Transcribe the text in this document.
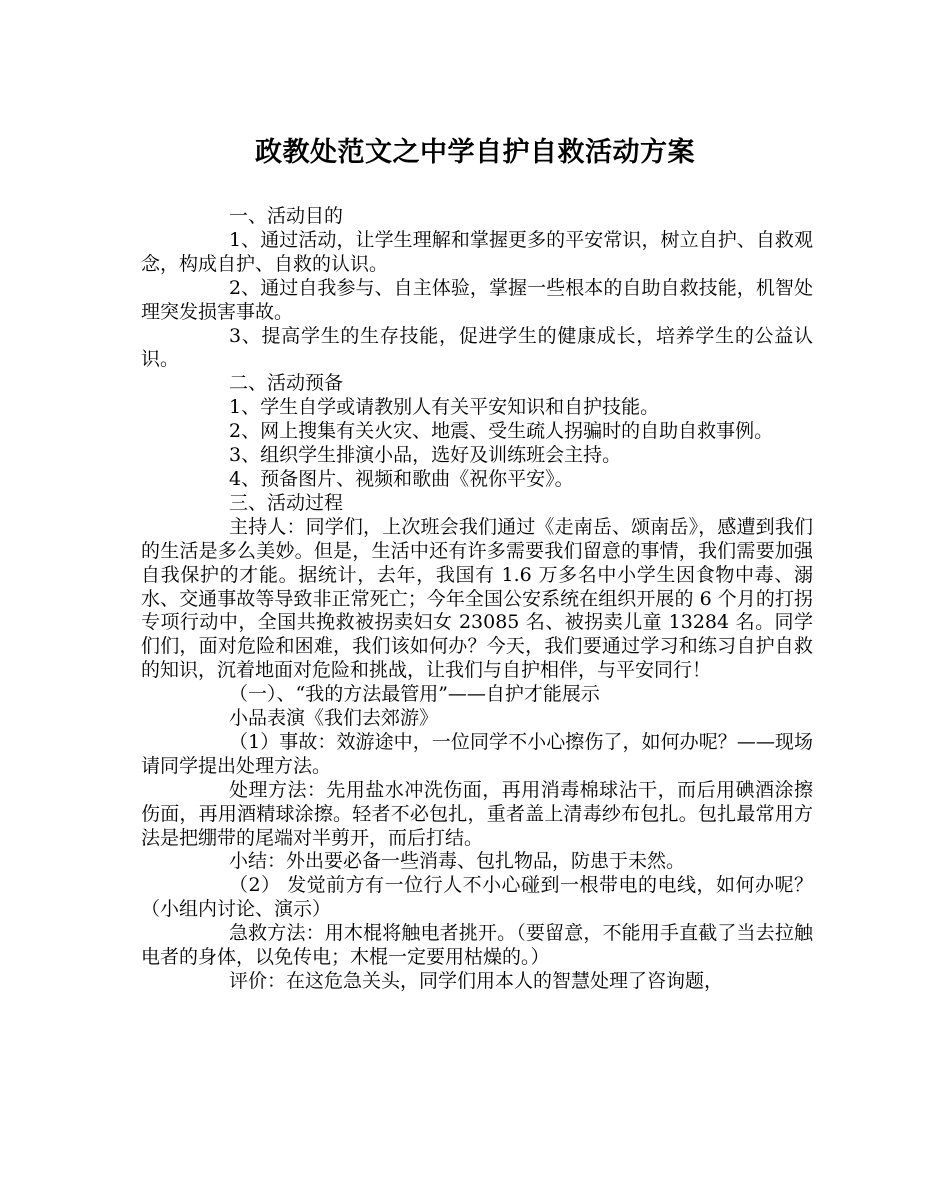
政教处范文之中学自护自救活动方案

一、活动目的

1、通过活动，让学生理解和掌握更多的平安常识，树立自护、自救观念，构成自护、自救的认识。

2、通过自我参与、自主体验，掌握一些根本的自助自救技能，机智处理突发损害事故。

3、提高学生的生存技能，促进学生的健康成长，培养学生的公益认识。

二、活动预备

1、学生自学或请教别人有关平安知识和自护技能。

2、网上搜集有关火灾、地震、受生疏人拐骗时的自助自救事例。

3、组织学生排演小品，选好及训练班会主持。

4、预备图片、视频和歌曲《祝你平安》。

三、活动过程

主持人：同学们，上次班会我们通过《走南岳、颂南岳》，感遭到我们的生活是多么美妙。但是，生活中还有许多需要我们留意的事情，我们需要加强自我保护的才能。据统计，去年，我国有 1.6 万多名中小学生因食物中毒、溺水、交通事故等导致非正常死亡；今年全国公安系统在组织开展的 6 个月的打拐专项行动中，全国共挽救被拐卖妇女 23085 名、被拐卖儿童 13284 名。同学们们，面对危险和困难，我们该如何办？今天，我们要通过学习和练习自护自救的知识，沉着地面对危险和挑战，让我们与自护相伴，与平安同行！

（一）、“我的方法最管用”——自护才能展示

小品表演《我们去郊游》

（1）事故：效游途中，一位同学不小心擦伤了，如何办呢？——现场请同学提出处理方法。

处理方法：先用盐水冲洗伤面，再用消毒棉球沾干，而后用碘酒涂擦伤面，再用酒精球涂擦。轻者不必包扎，重者盖上清毒纱布包扎。包扎最常用方法是把绷带的尾端对半剪开，而后打结。

小结：外出要必备一些消毒、包扎物品，防患于未然。

（2） 发觉前方有一位行人不小心碰到一根带电的电线，如何办呢？（小组内讨论、演示）

急救方法：用木棍将触电者挑开。（要留意，不能用手直截了当去拉触电者的身体，以免传电；木棍一定要用枯燥的。）

评价：在这危急关头，同学们用本人的智慧处理了咨询题，
